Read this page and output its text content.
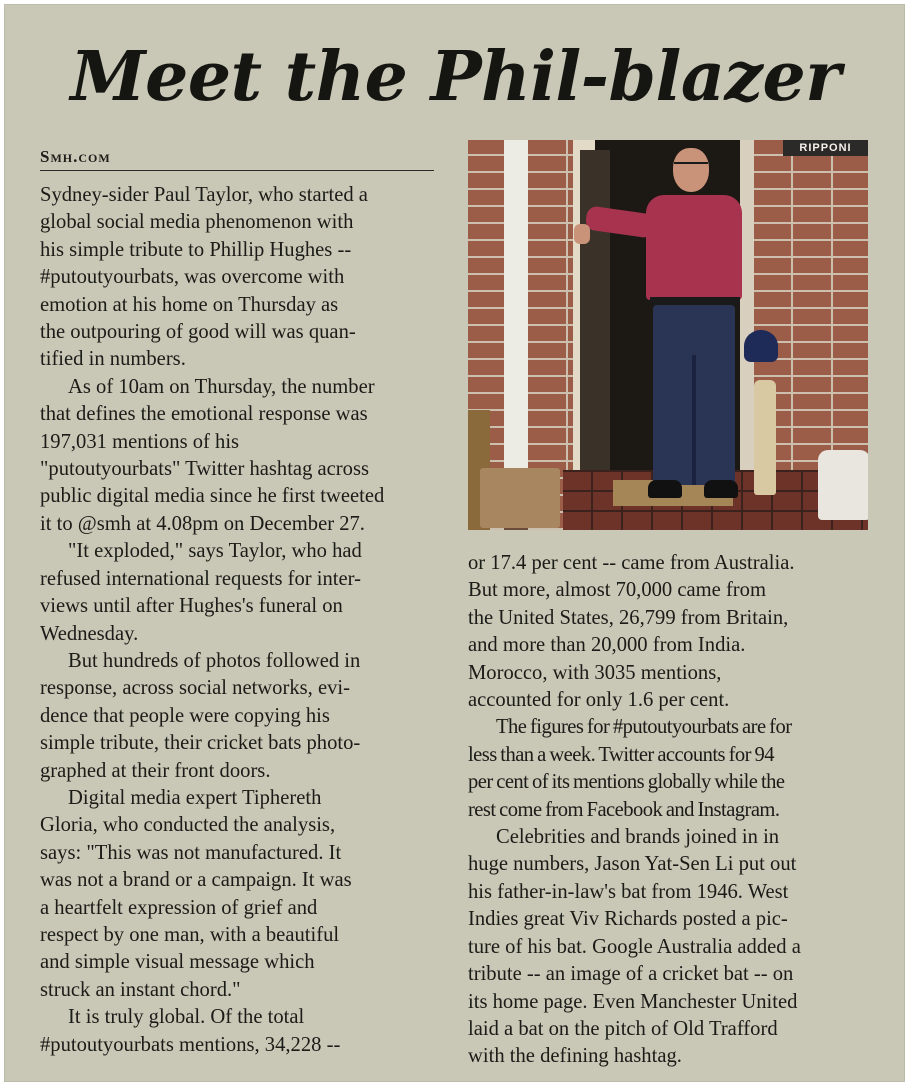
Meet the Phil-blazer
Smh.com

Sydney-sider Paul Taylor, who started a

global social media phenomenon with

his simple tribute to Phillip Hughes --

#putoutyourbats, was overcome with

emotion at his home on Thursday as

the outpouring of good will was quan-

tified in numbers.

As of 10am on Thursday, the number

that defines the emotional response was

197,031 mentions of his

"putoutyourbats" Twitter hashtag across

public digital media since he first tweeted

it to @smh at 4.08pm on December 27.

"It exploded," says Taylor, who had

refused international requests for inter-

views until after Hughes's funeral on

Wednesday.

But hundreds of photos followed in

response, across social networks, evi-

dence that people were copying his

simple tribute, their cricket bats photo-

graphed at their front doors.

Digital media expert Tiphereth

Gloria, who conducted the analysis,

says: "This was not manufactured. It

was not a brand or a campaign. It was

a heartfelt expression of grief and

respect by one man, with a beautiful

and simple visual message which

struck an instant chord."

It is truly global. Of the total

#putoutyourbats mentions, 34,228 --

RIPPONI

or 17.4 per cent -- came from Australia.

But more, almost 70,000 came from

the United States, 26,799 from Britain,

and more than 20,000 from India.

Morocco, with 3035 mentions,

accounted for only 1.6 per cent.

The figures for #putoutyourbats are for

less than a week. Twitter accounts for 94

per cent of its mentions globally while the

rest come from Facebook and Instagram.

Celebrities and brands joined in in

huge numbers, Jason Yat-Sen Li put out

his father-in-law's bat from 1946. West

Indies great Viv Richards posted a pic-

ture of his bat. Google Australia added a

tribute -- an image of a cricket bat -- on

its home page. Even Manchester United

laid a bat on the pitch of Old Trafford

with the defining hashtag.
